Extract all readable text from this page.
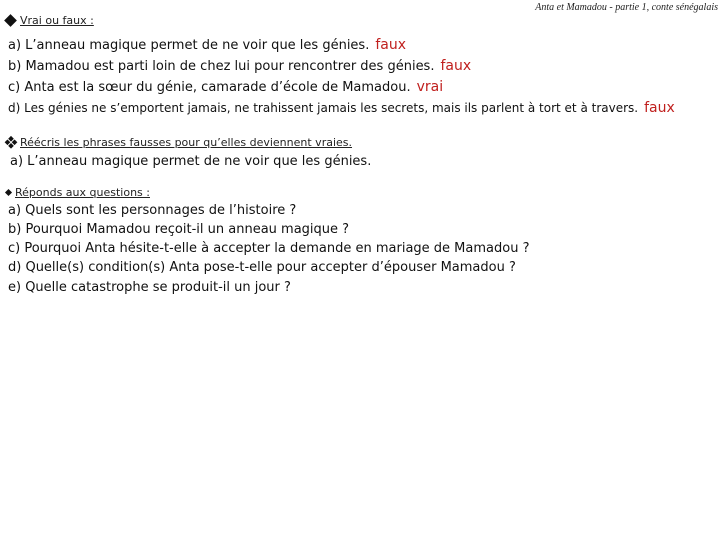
Anta et Mamadou - partie 1, conte sénégalais
Vrai ou faux :
a) L’anneau magique permet de ne voir que les génies. faux
b) Mamadou est parti loin de chez lui pour rencontrer des génies. faux
c) Anta est la sœur du génie, camarade d’école de Mamadou. vrai
d) Les génies ne s’emportent jamais, ne trahissent jamais les secrets, mais ils parlent à tort et à travers. faux
Réécris les phrases fausses pour qu’elles deviennent vraies.
a) L’anneau magique permet de ne voir que les génies.
Réponds aux questions :
a) Quels sont les personnages de l’histoire ?
b) Pourquoi Mamadou reçoit-il un anneau magique ?
c) Pourquoi Anta hésite-t-elle à accepter la demande en mariage de Mamadou ?
d) Quelle(s) condition(s) Anta pose-t-elle pour accepter d’épouser Mamadou ?
e) Quelle catastrophe se produit-il un jour ?
